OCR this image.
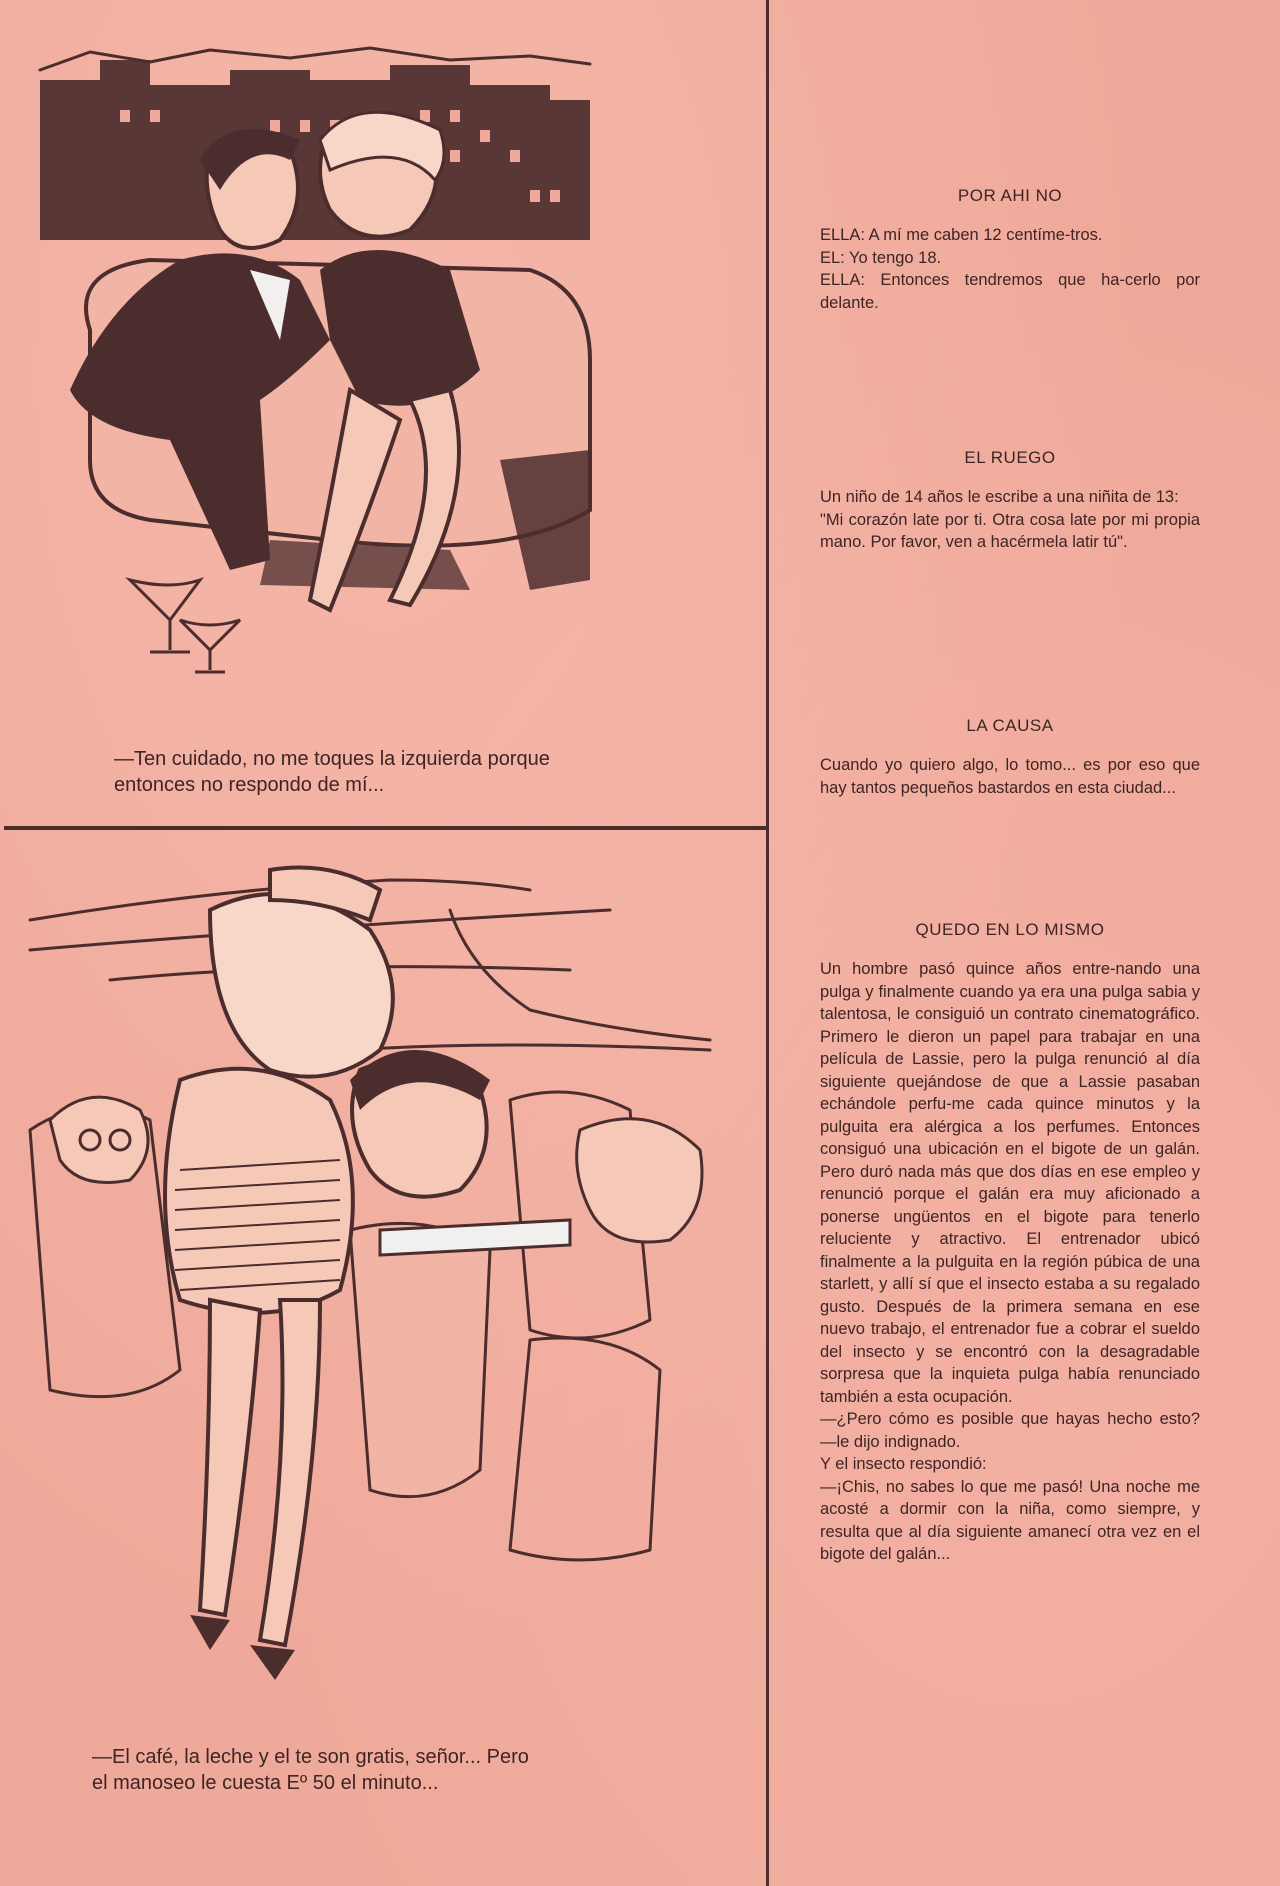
—Ten cuidado, no me toques la izquierda porque
entonces no respondo de mí...
—El café, la leche y el te son gratis, señor... Pero
el manoseo le cuesta Eº 50 el minuto...
POR AHI NO
ELLA: A mí me caben 12 centíme-tros.
EL: Yo tengo 18.
ELLA: Entonces tendremos que ha-cerlo por delante.
EL RUEGO
Un niño de 14 años le escribe a una niñita de 13:
"Mi corazón late por ti. Otra cosa late por mi propia mano. Por favor, ven a hacérmela latir tú".
LA CAUSA
Cuando yo quiero algo, lo tomo... es por eso que hay tantos pequeños bastardos en esta ciudad...
QUEDO EN LO MISMO
Un hombre pasó quince años entre-nando una pulga y finalmente cuando ya era una pulga sabia y talentosa, le consiguió un contrato cinematográfico. Primero le dieron un papel para trabajar en una película de Lassie, pero la pulga renunció al día siguiente quejándose de que a Lassie pasaban echándole perfu-me cada quince minutos y la pulguita era alérgica a los perfumes. Entonces consiguó una ubicación en el bigote de un galán. Pero duró nada más que dos días en ese empleo y renunció porque el galán era muy aficionado a ponerse ungüentos en el bigote para tenerlo reluciente y atractivo. El entrenador ubicó finalmente a la pulguita en la región púbica de una starlett, y allí sí que el insecto estaba a su regalado gusto. Después de la primera semana en ese nuevo trabajo, el entrenador fue a cobrar el sueldo del insecto y se encontró con la desagradable sorpresa que la inquieta pulga había renunciado también a esta ocupación.
—¿Pero cómo es posible que hayas hecho esto? —le dijo indignado.
Y el insecto respondió:
—¡Chis, no sabes lo que me pasó! Una noche me acosté a dormir con la niña, como siempre, y resulta que al día siguiente amanecí otra vez en el bigote del galán...
